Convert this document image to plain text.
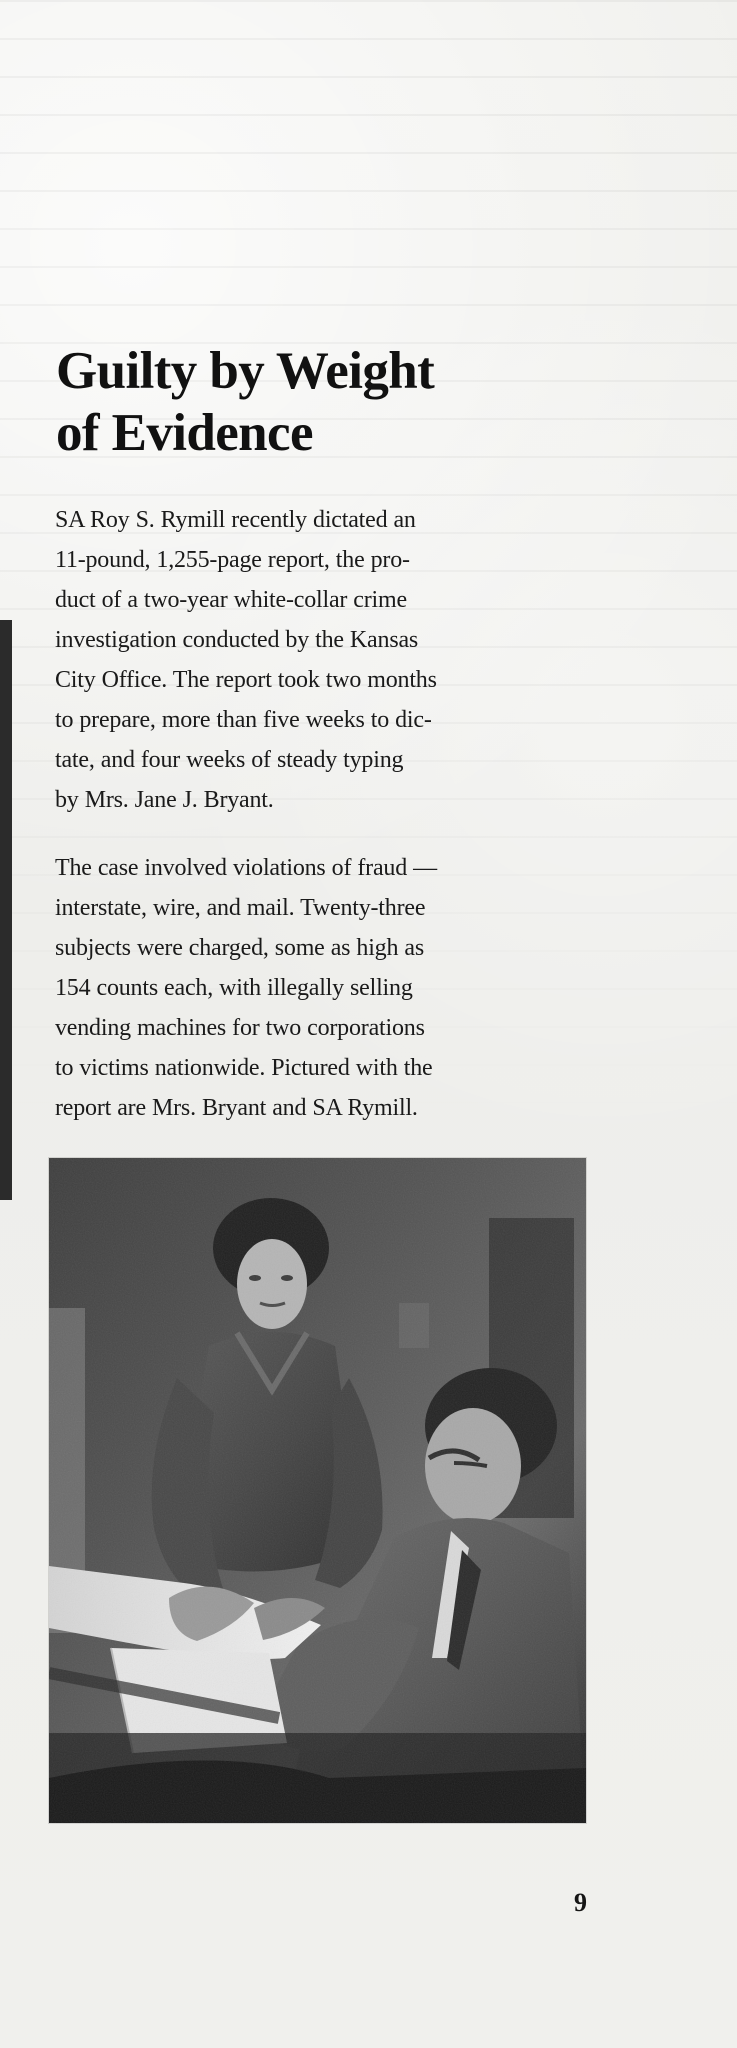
Guilty by Weight
of Evidence

SA Roy S. Rymill recently dictated an
11-pound, 1,255-page report, the pro-
duct of a two-year white-collar crime
investigation conducted by the Kansas
City Office. The report took two months
to prepare, more than five weeks to dic-
tate, and four weeks of steady typing
by Mrs. Jane J. Bryant.

The case involved violations of fraud —
interstate, wire, and mail. Twenty-three
subjects were charged, some as high as
154 counts each, with illegally selling
vending machines for two corporations
to victims nationwide. Pictured with the
report are Mrs. Bryant and SA Rymill.

9
